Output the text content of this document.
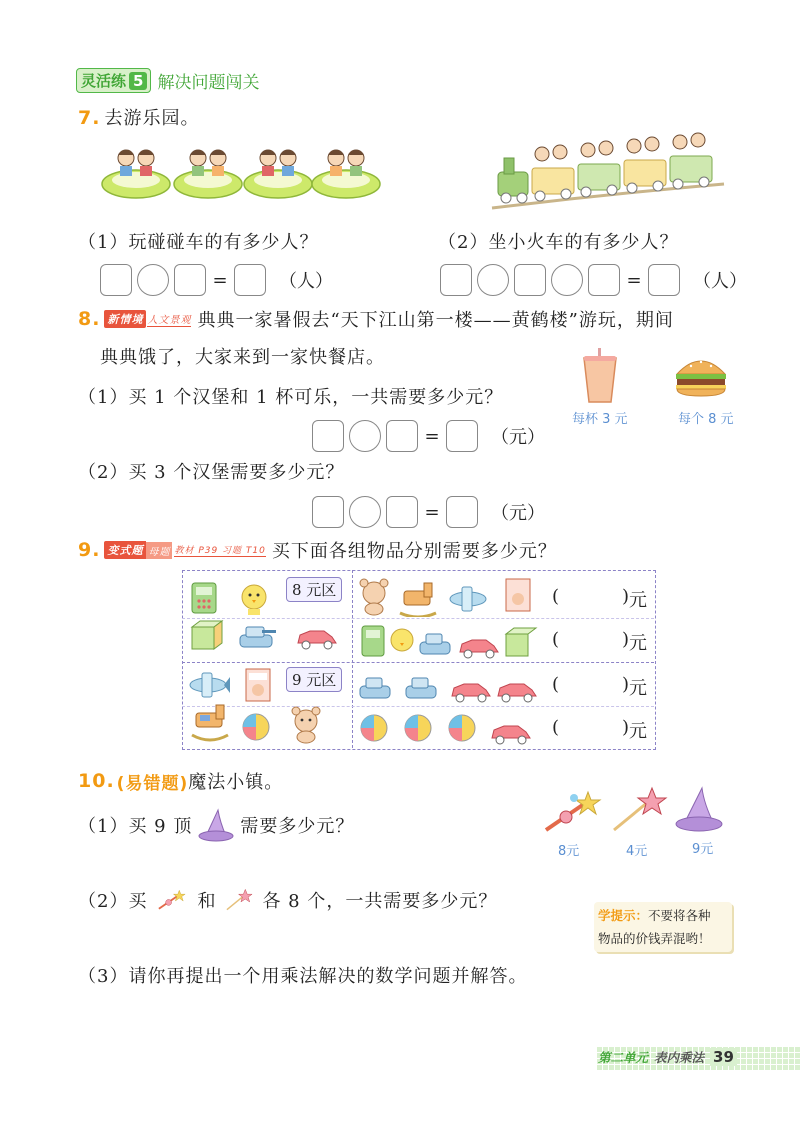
灵活练 5 解决问题闯关
7. 去游乐园。
（1）玩碰碰车的有多少人？	（2）坐小火车的有多少人？
=	（人）	=	（人）
8. 新情境 人文景观 典典一家暑假去“天下江山第一楼——黄鹤楼”游玩，期间
典典饿了，大家来到一家快餐店。
（1）买 1 个汉堡和 1 杯可乐，一共需要多少元？
每杯 3 元	每个 8 元
=	（元）
（2）买 3 个汉堡需要多少元？
=	（元）
9. 变式题 母题 教材 P39 习题 T10 买下面各组物品分别需要多少元？
8 元区
9 元区
(	) 元
(	) 元
(	) 元
(	) 元
10. (易错题) 魔法小镇。
（1）买 9 顶	需要多少元？
8元	4元	9元
（2）买	和	各 8 个，一共需要多少元？
学提示：不要将各种
物品的价钱弄混哟！
（3）请你再提出一个用乘法解决的数学问题并解答。
第二单元 表内乘法 39
